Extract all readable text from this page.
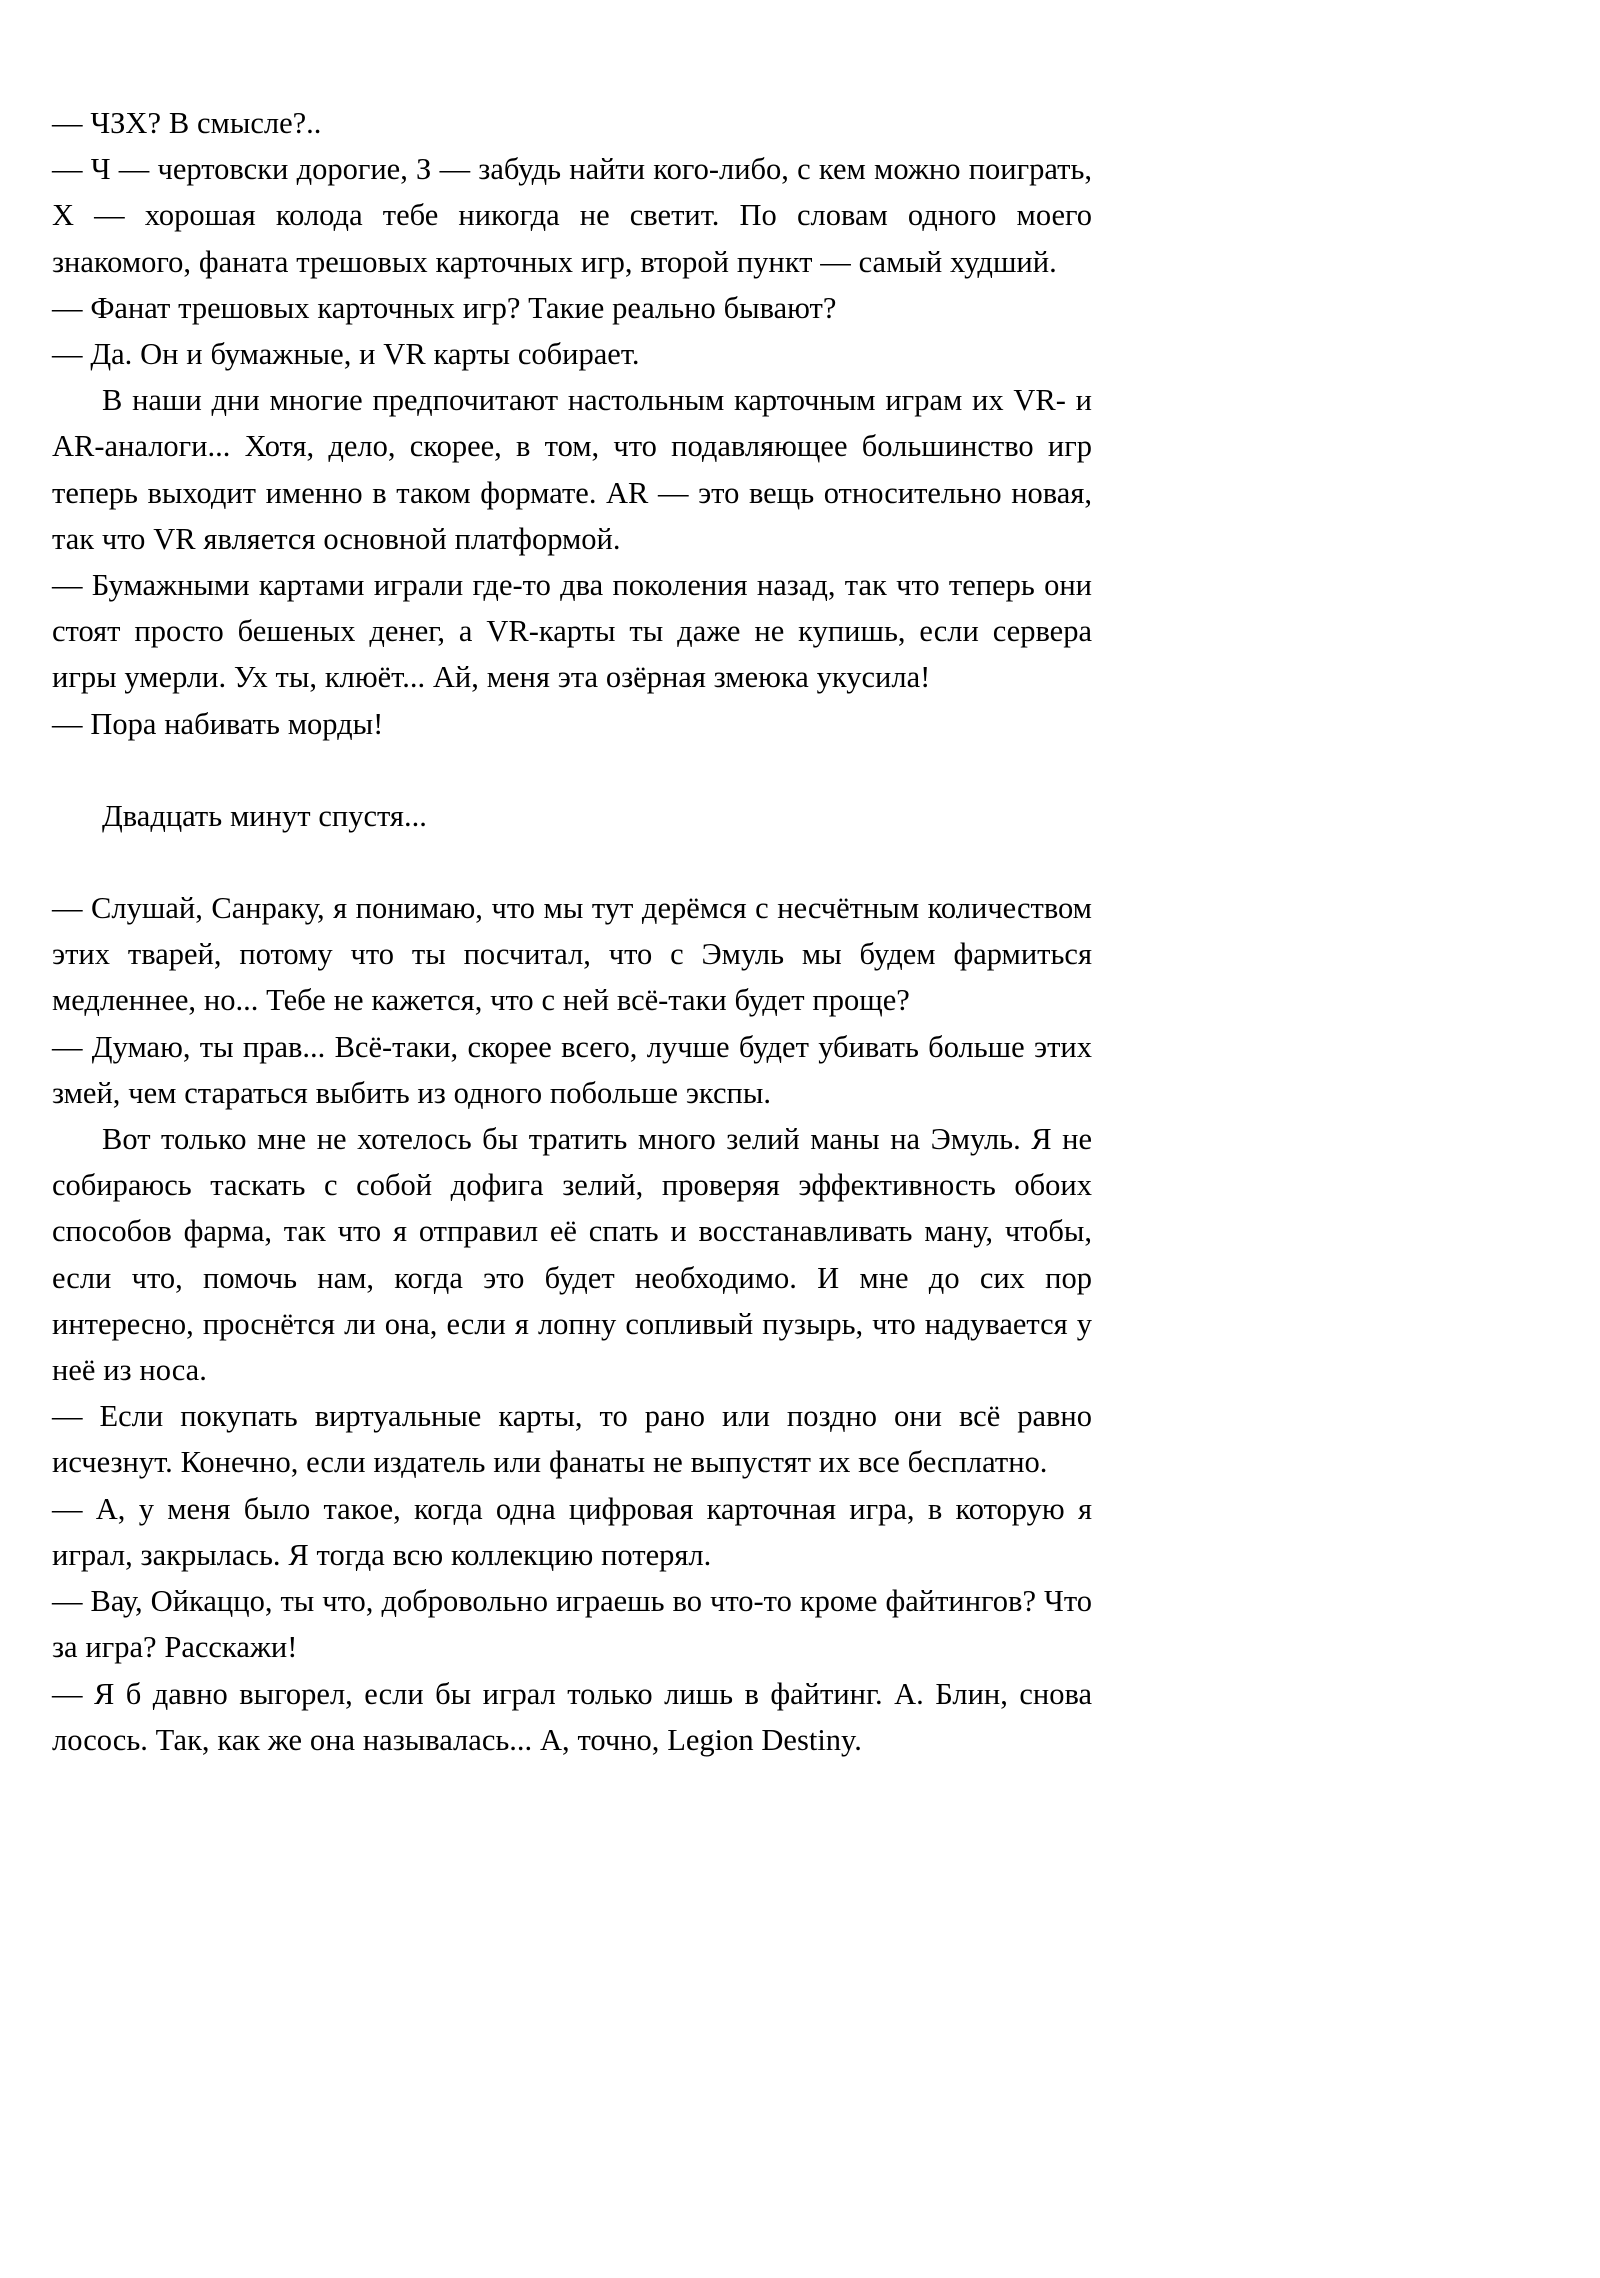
— ЧЗХ? В смысле?..

— Ч — чертовски дорогие, З — забудь найти кого-либо, с кем можно поиграть, Х — хорошая колода тебе никогда не светит. По словам одного моего знакомого, фаната трешовых карточных игр, второй пункт — самый худший.

— Фанат трешовых карточных игр? Такие реально бывают?

— Да. Он и бумажные, и VR карты собирает.

В наши дни многие предпочитают настольным карточным играм их VR- и AR-аналоги... Хотя, дело, скорее, в том, что подавляющее большинство игр теперь выходит именно в таком формате. AR — это вещь относительно новая, так что VR является основной платформой.

— Бумажными картами играли где-то два поколения назад, так что теперь они стоят просто бешеных денег, а VR-карты ты даже не купишь, если сервера игры умерли. Ух ты, клюёт... Ай, меня эта озёрная змеюка укусила!

— Пора набивать морды!

Двадцать минут спустя...

— Слушай, Санраку, я понимаю, что мы тут дерёмся с несчётным количеством этих тварей, потому что ты посчитал, что с Эмуль мы будем фармиться медленнее, но... Тебе не кажется, что с ней всё-таки будет проще?

— Думаю, ты прав... Всё-таки, скорее всего, лучше будет убивать больше этих змей, чем стараться выбить из одного побольше экспы.

Вот только мне не хотелось бы тратить много зелий маны на Эмуль. Я не собираюсь таскать с собой дофига зелий, проверяя эффективность обоих способов фарма, так что я отправил её спать и восстанавливать ману, чтобы, если что, помочь нам, когда это будет необходимо. И мне до сих пор интересно, проснётся ли она, если я лопну сопливый пузырь, что надувается у неё из носа.

— Если покупать виртуальные карты, то рано или поздно они всё равно исчезнут. Конечно, если издатель или фанаты не выпустят их все бесплатно.

— А, у меня было такое, когда одна цифровая карточная игра, в которую я играл, закрылась. Я тогда всю коллекцию потерял.

— Вау, Ойкаццо, ты что, добровольно играешь во что-то кроме файтингов? Что за игра? Расскажи!

— Я б давно выгорел, если бы играл только лишь в файтинг. А. Блин, снова лосось. Так, как же она называлась... А, точно, Legion Destiny.
